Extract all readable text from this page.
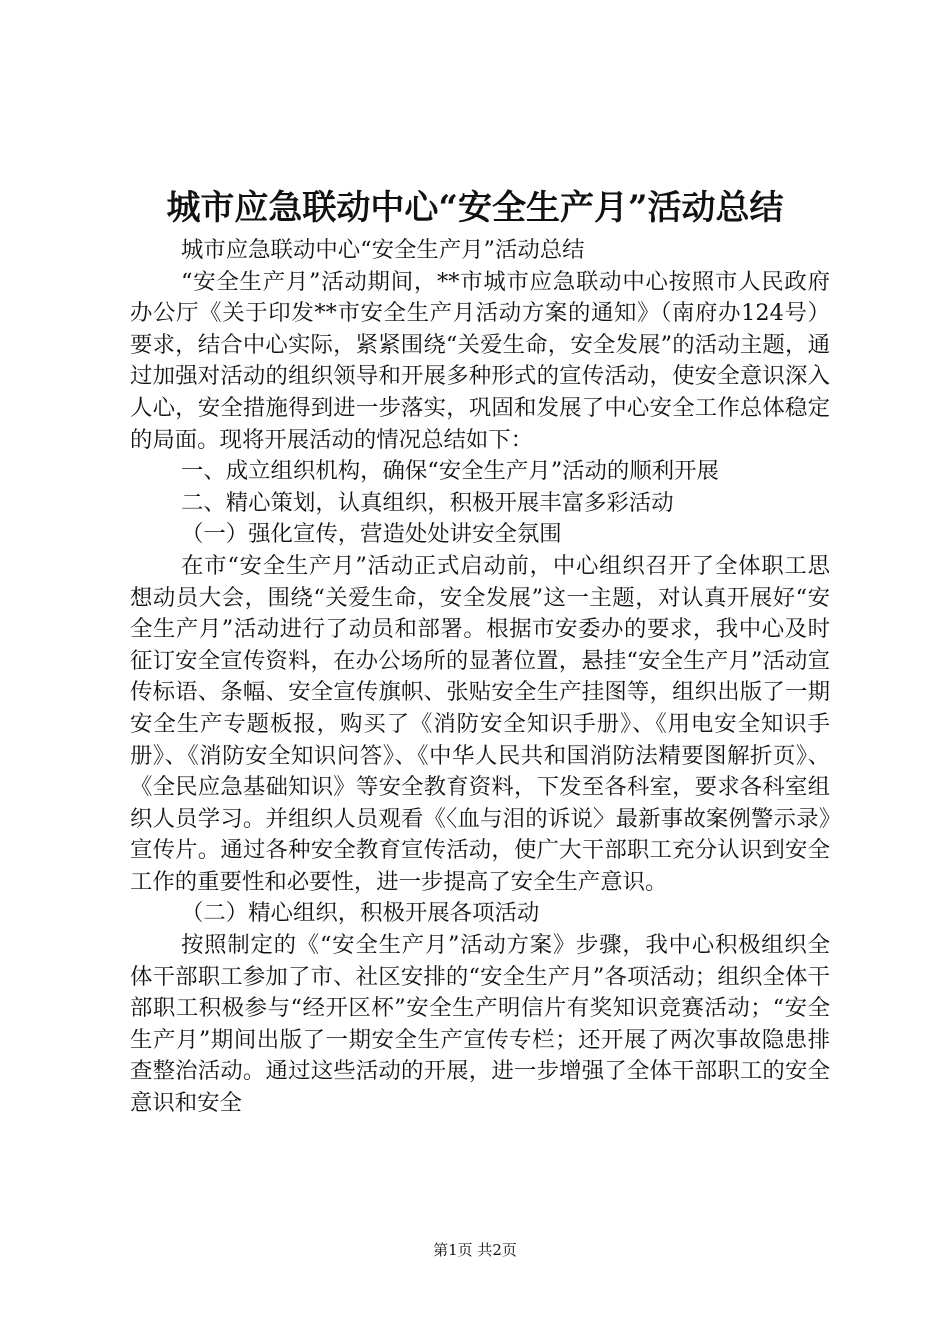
城市应急联动中心“安全生产月”活动总结

城市应急联动中心“安全生产月”活动总结

“安全生产月”活动期间，**市城市应急联动中心按照市人民政府办公厅《关于印发**市安全生产月活动方案的通知》（南府办124号）要求，结合中心实际，紧紧围绕“关爱生命，安全发展”的活动主题，通过加强对活动的组织领导和开展多种形式的宣传活动，使安全意识深入人心，安全措施得到进一步落实，巩固和发展了中心安全工作总体稳定的局面。现将开展活动的情况总结如下：

一、成立组织机构，确保“安全生产月”活动的顺利开展

二、精心策划，认真组织，积极开展丰富多彩活动

（一）强化宣传，营造处处讲安全氛围

在市“安全生产月”活动正式启动前，中心组织召开了全体职工思想动员大会，围绕“关爱生命，安全发展”这一主题，对认真开展好“安全生产月”活动进行了动员和部署。根据市安委办的要求，我中心及时征订安全宣传资料，在办公场所的显著位置，悬挂“安全生产月”活动宣传标语、条幅、安全宣传旗帜、张贴安全生产挂图等，组织出版了一期安全生产专题板报，购买了《消防安全知识手册》、《用电安全知识手册》、《消防安全知识问答》、《中华人民共和国消防法精要图解折页》、《全民应急基础知识》等安全教育资料，下发至各科室，要求各科室组织人员学习。并组织人员观看《〈血与泪的诉说〉最新事故案例警示录》宣传片。通过各种安全教育宣传活动，使广大干部职工充分认识到安全工作的重要性和必要性，进一步提高了安全生产意识。

（二）精心组织，积极开展各项活动

按照制定的《“安全生产月”活动方案》步骤，我中心积极组织全体干部职工参加了市、社区安排的“安全生产月”各项活动；组织全体干部职工积极参与“经开区杯”安全生产明信片有奖知识竞赛活动；“安全生产月”期间出版了一期安全生产宣传专栏；还开展了两次事故隐患排查整治活动。通过这些活动的开展，进一步增强了全体干部职工的安全意识和安全

第1页 共2页
